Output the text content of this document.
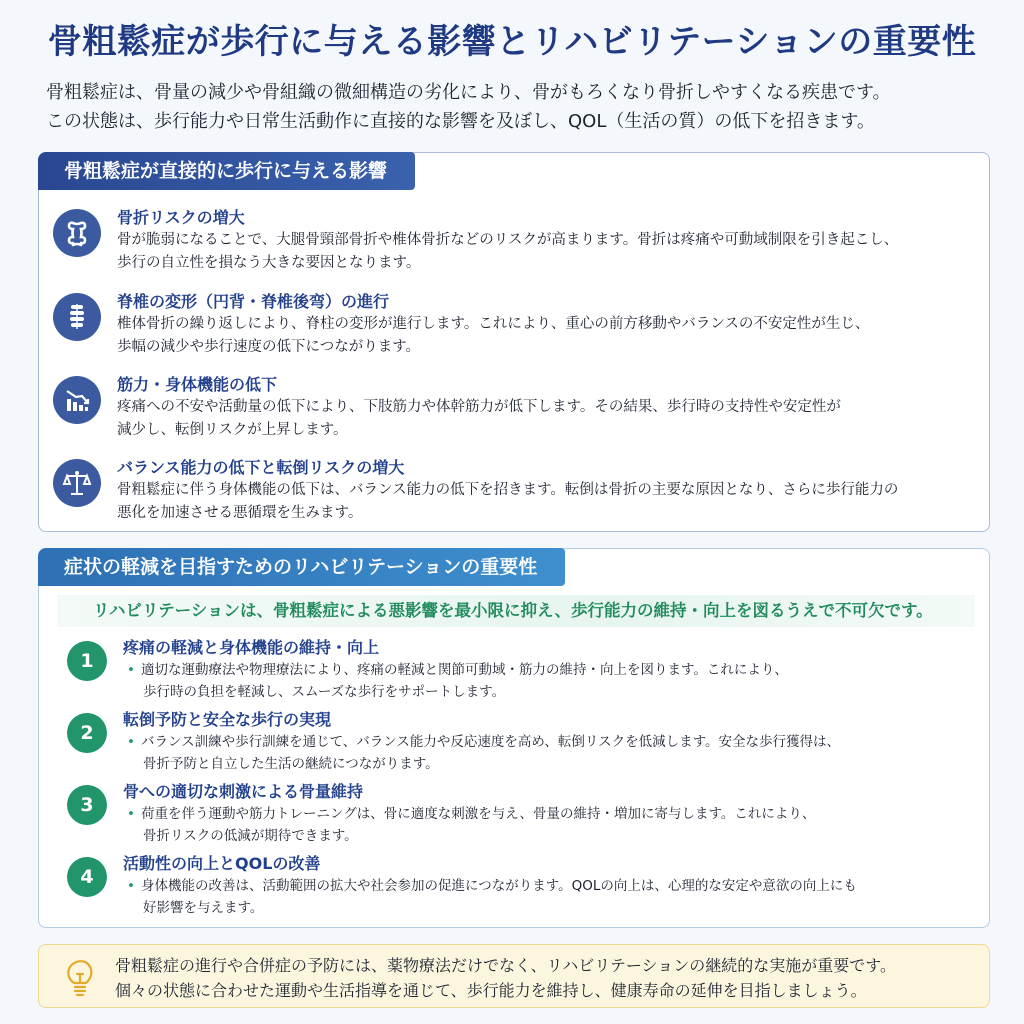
骨粗鬆症が歩行に与える影響とリハビリテーションの重要性
骨粗鬆症は、骨量の減少や骨組織の微細構造の劣化により、骨がもろくなり骨折しやすくなる疾患です。
この状態は、歩行能力や日常生活動作に直接的な影響を及ぼし、QOL（生活の質）の低下を招きます。
骨粗鬆症が直接的に歩行に与える影響
骨折リスクの増大
骨が脆弱になることで、大腿骨頸部骨折や椎体骨折などのリスクが高まります。骨折は疼痛や可動域制限を引き起こし、
歩行の自立性を損なう大きな要因となります。
脊椎の変形（円背・脊椎後弯）の進行
椎体骨折の繰り返しにより、脊柱の変形が進行します。これにより、重心の前方移動やバランスの不安定性が生じ、
歩幅の減少や歩行速度の低下につながります。
筋力・身体機能の低下
疼痛への不安や活動量の低下により、下肢筋力や体幹筋力が低下します。その結果、歩行時の支持性や安定性が
減少し、転倒リスクが上昇します。
バランス能力の低下と転倒リスクの増大
骨粗鬆症に伴う身体機能の低下は、バランス能力の低下を招きます。転倒は骨折の主要な原因となり、さらに歩行能力の
悪化を加速させる悪循環を生みます。
症状の軽減を目指すためのリハビリテーションの重要性
リハビリテーションは、骨粗鬆症による悪影響を最小限に抑え、歩行能力の維持・向上を図るうえで不可欠です。
1
疼痛の軽減と身体機能の維持・向上
• 適切な運動療法や物理療法により、疼痛の軽減と関節可動域・筋力の維持・向上を図ります。これにより、
歩行時の負担を軽減し、スムーズな歩行をサポートします。
2
転倒予防と安全な歩行の実現
• バランス訓練や歩行訓練を通じて、バランス能力や反応速度を高め、転倒リスクを低減します。安全な歩行獲得は、
骨折予防と自立した生活の継続につながります。
3
骨への適切な刺激による骨量維持
• 荷重を伴う運動や筋力トレーニングは、骨に適度な刺激を与え、骨量の維持・増加に寄与します。これにより、
骨折リスクの低減が期待できます。
4
活動性の向上とQOLの改善
• 身体機能の改善は、活動範囲の拡大や社会参加の促進につながります。QOLの向上は、心理的な安定や意欲の向上にも
好影響を与えます。
骨粗鬆症の進行や合併症の予防には、薬物療法だけでなく、リハビリテーションの継続的な実施が重要です。
個々の状態に合わせた運動や生活指導を通じて、歩行能力を維持し、健康寿命の延伸を目指しましょう。
